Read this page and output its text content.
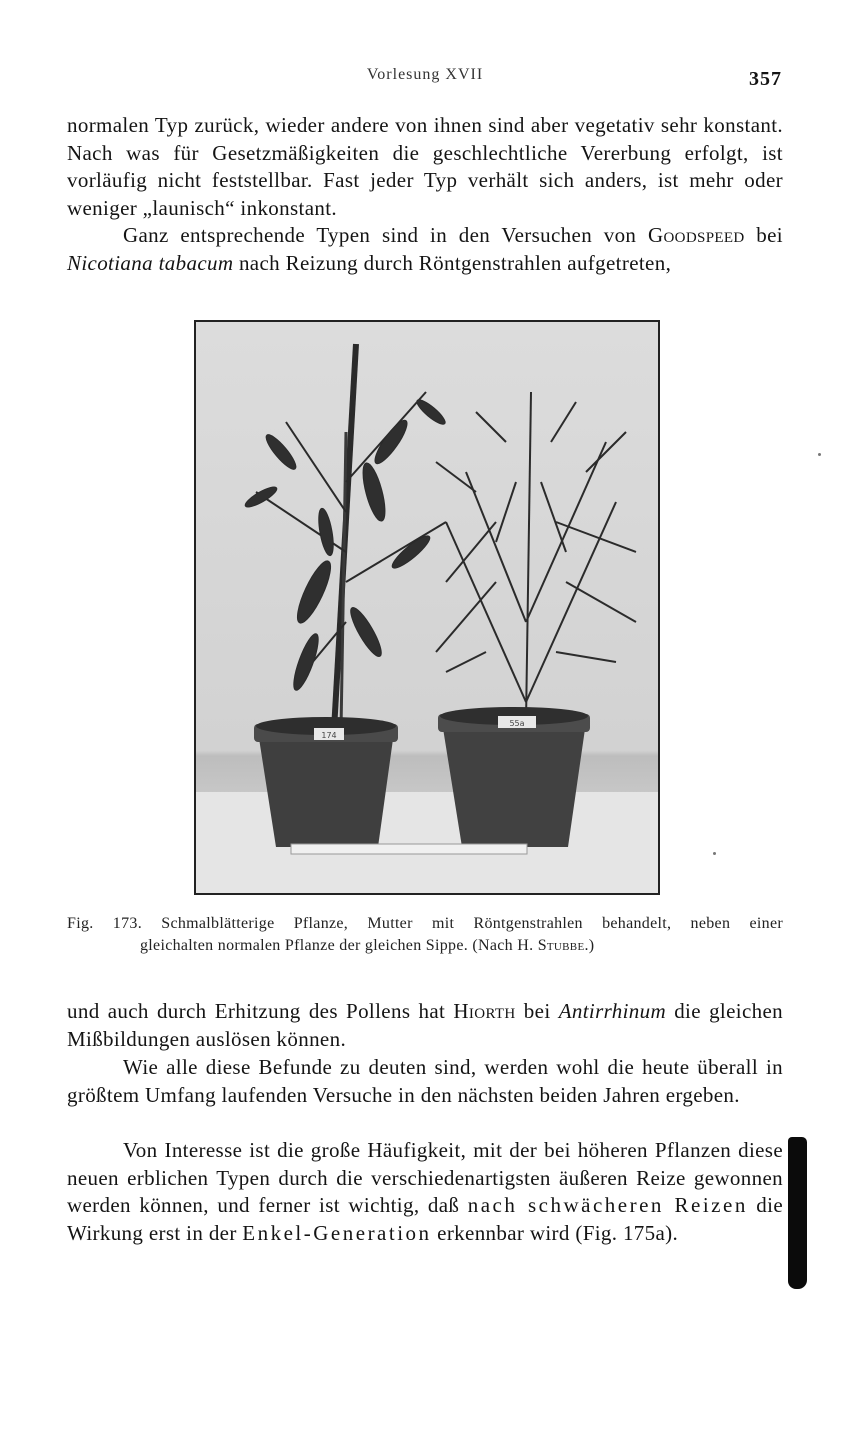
Vorlesung XVII	357

normalen Typ zurück, wieder andere von ihnen sind aber vegetativ sehr konstant. Nach was für Gesetzmäßigkeiten die geschlechtliche Vererbung erfolgt, ist vorläufig nicht feststellbar. Fast jeder Typ verhält sich anders, ist mehr oder weniger „launisch“ inkonstant.

Ganz entsprechende Typen sind in den Versuchen von Goodspeed bei Nicotiana tabacum nach Reizung durch Röntgenstrahlen aufgetreten,

174
55a
Fig. 173. Schmalblätterige Pflanze, Mutter mit Röntgenstrahlen behandelt, neben einer
gleichalten normalen Pflanze der gleichen Sippe. (Nach H. Stubbe.)

und auch durch Erhitzung des Pollens hat Hiorth bei Antirrhinum die gleichen Mißbildungen auslösen können.

Wie alle diese Befunde zu deuten sind, werden wohl die heute überall in größtem Umfang laufenden Versuche in den nächsten beiden Jahren ergeben.

Von Interesse ist die große Häufigkeit, mit der bei höheren Pflanzen diese neuen erblichen Typen durch die verschiedenartigsten äußeren Reize gewonnen werden können, und ferner ist wichtig, daß nach schwächeren Reizen die Wirkung erst in der Enkel-Generation erkennbar wird (Fig. 175a).
